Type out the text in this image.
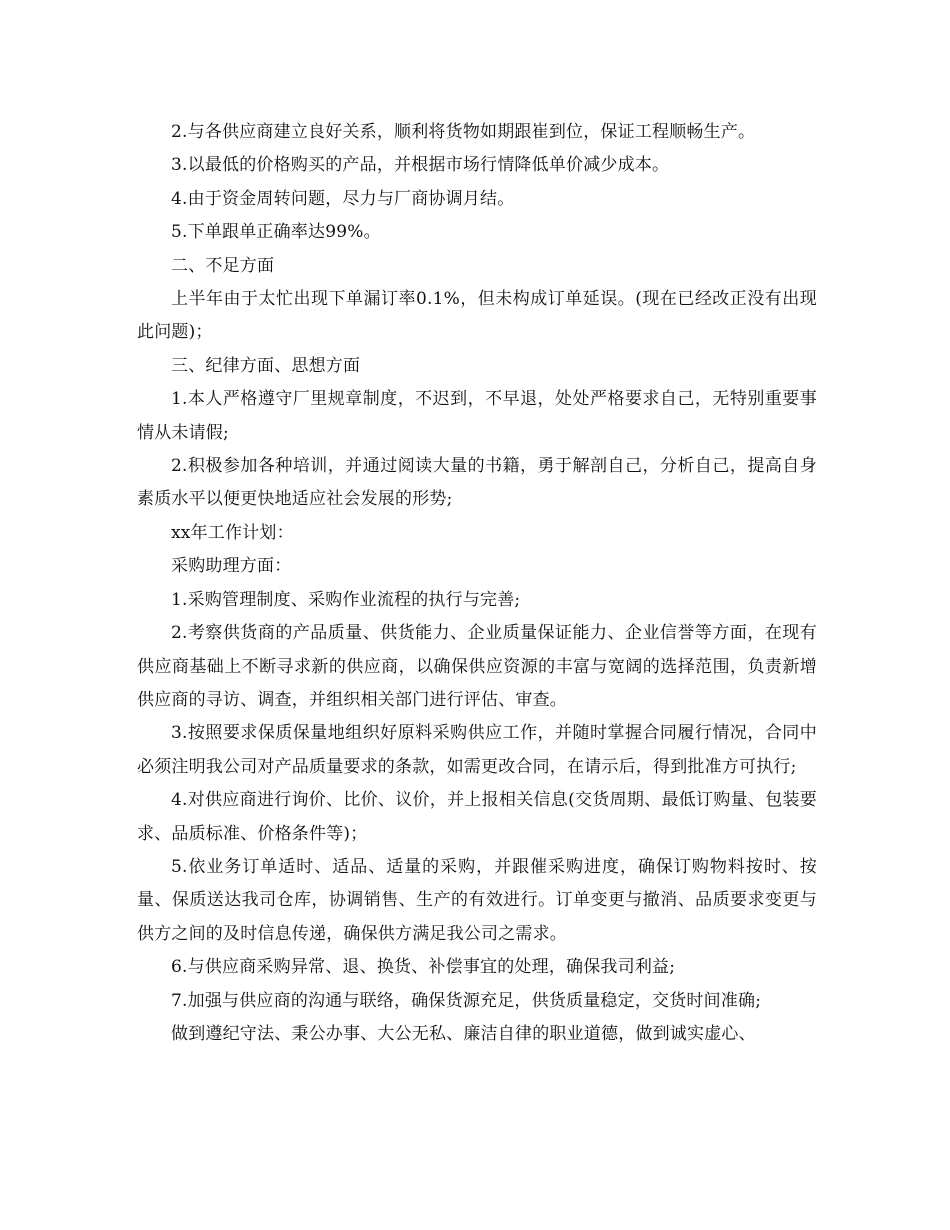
2.与各供应商建立良好关系，顺利将货物如期跟崔到位，保证工程顺畅生产。

3.以最低的价格购买的产品，并根据市场行情降低单价减少成本。

4.由于资金周转问题，尽力与厂商协调月结。

5.下单跟单正确率达99%。

二、不足方面

上半年由于太忙出现下单漏订率0.1%，但未构成订单延误。(现在已经改正没有出现此问题)；

三、纪律方面、思想方面

1.本人严格遵守厂里规章制度，不迟到，不早退，处处严格要求自己，无特别重要事情从未请假;

2.积极参加各种培训，并通过阅读大量的书籍，勇于解剖自己，分析自己，提高自身素质水平以便更快地适应社会发展的形势;

xx年工作计划：

采购助理方面：

1.采购管理制度、采购作业流程的执行与完善;

2.考察供货商的产品质量、供货能力、企业质量保证能力、企业信誉等方面，在现有供应商基础上不断寻求新的供应商，以确保供应资源的丰富与宽阔的选择范围，负责新增供应商的寻访、调查，并组织相关部门进行评估、审查。

3.按照要求保质保量地组织好原料采购供应工作，并随时掌握合同履行情况，合同中必须注明我公司对产品质量要求的条款，如需更改合同，在请示后，得到批准方可执行;

4.对供应商进行询价、比价、议价，并上报相关信息(交货周期、最低订购量、包装要求、品质标准、价格条件等)；

5.依业务订单适时、适品、适量的采购，并跟催采购进度，确保订购物料按时、按量、保质送达我司仓库，协调销售、生产的有效进行。订单变更与撤消、品质要求变更与供方之间的及时信息传递，确保供方满足我公司之需求。

6.与供应商采购异常、退、换货、补偿事宜的处理，确保我司利益;

7.加强与供应商的沟通与联络，确保货源充足，供货质量稳定，交货时间准确;

做到遵纪守法、秉公办事、大公无私、廉洁自律的职业道德，做到诚实虚心、
